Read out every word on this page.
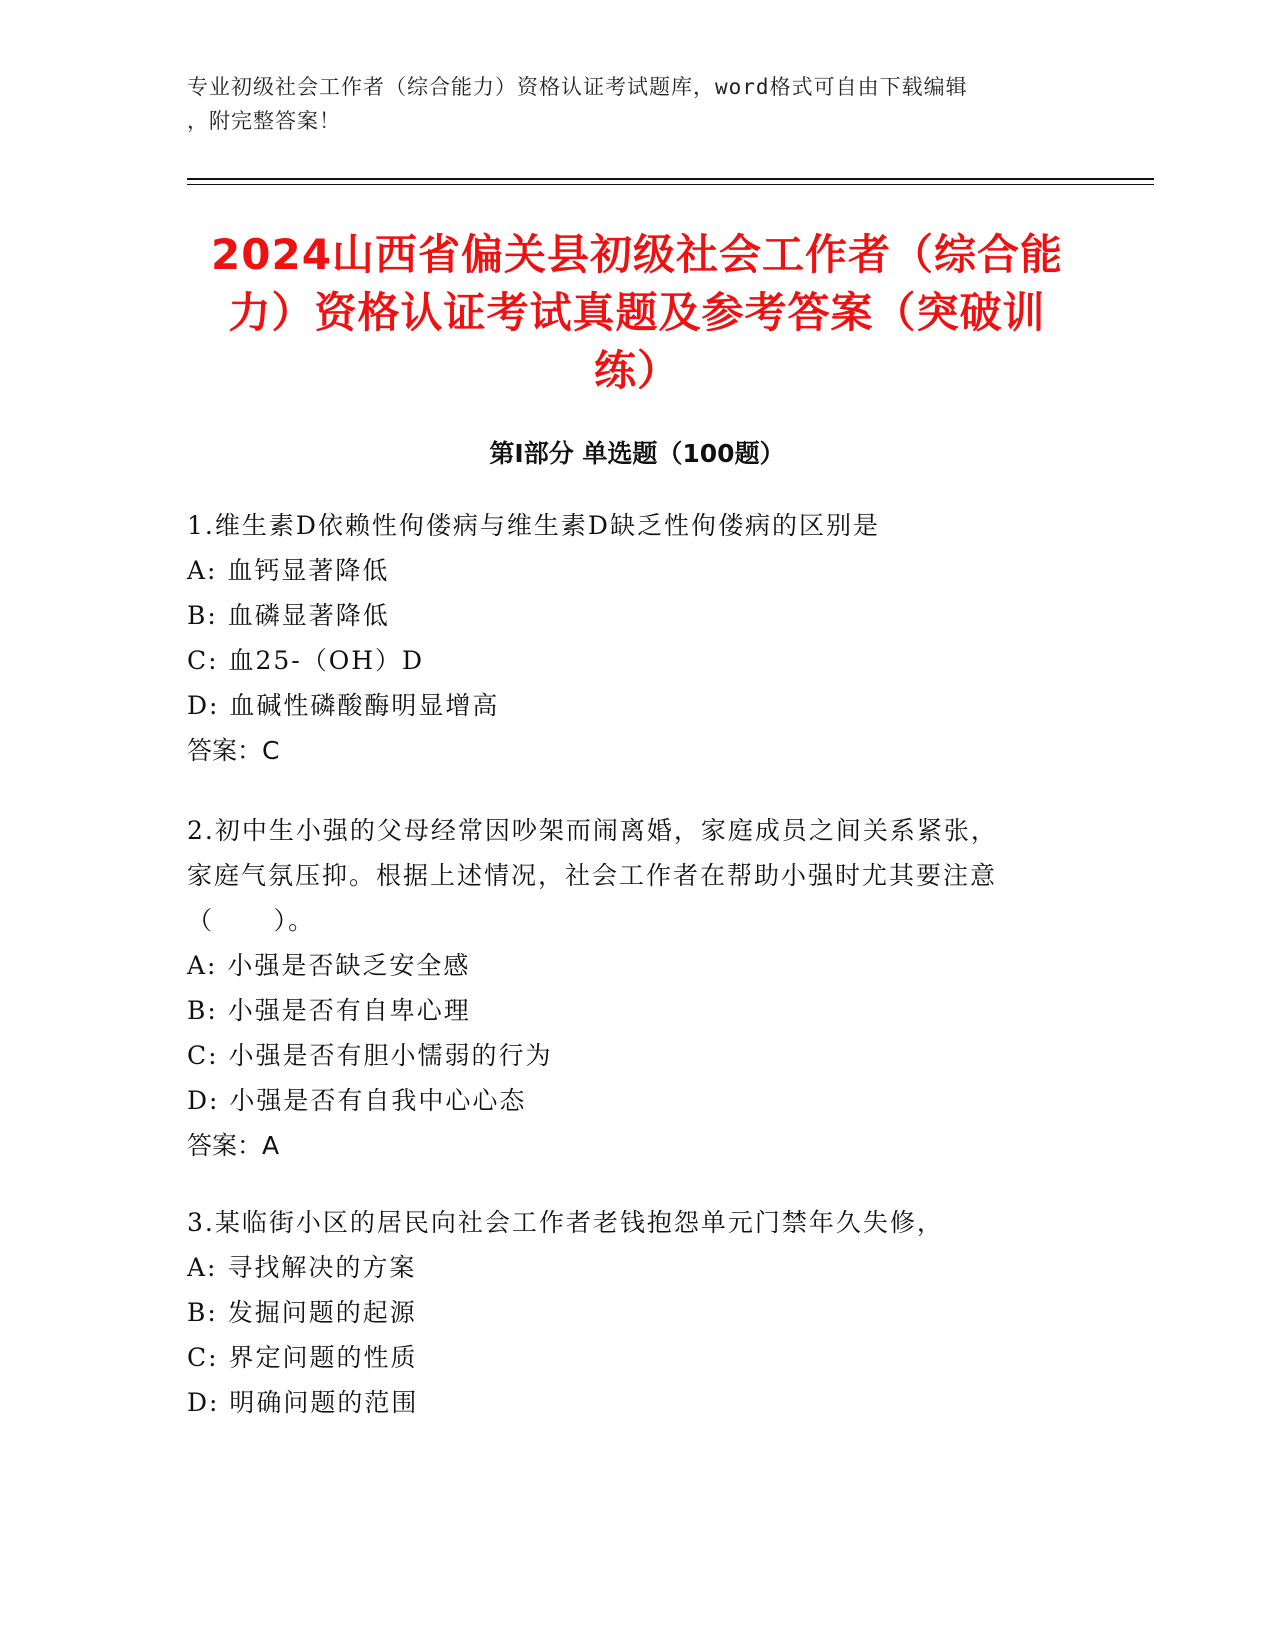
专业初级社会工作者（综合能力）资格认证考试题库，word格式可自由下载编辑
，附完整答案！
2024山西省偏关县初级社会工作者（综合能
力）资格认证考试真题及参考答案（突破训
练）
第Ⅰ部分 单选题（100题）

1.维生素D依赖性佝偻病与维生素D缺乏性佝偻病的区别是

A: 血钙显著降低

B: 血磷显著降低

C: 血25-（OH）D

D: 血碱性磷酸酶明显增高

答案：C

2.初中生小强的父母经常因吵架而闹离婚，家庭成员之间关系紧张，

家庭气氛压抑。根据上述情况，社会工作者在帮助小强时尤其要注意

（      ）。

A: 小强是否缺乏安全感

B: 小强是否有自卑心理

C: 小强是否有胆小懦弱的行为

D: 小强是否有自我中心心态

答案：A

3.某临街小区的居民向社会工作者老钱抱怨单元门禁年久失修，

A: 寻找解决的方案

B: 发掘问题的起源

C: 界定问题的性质

D: 明确问题的范围
